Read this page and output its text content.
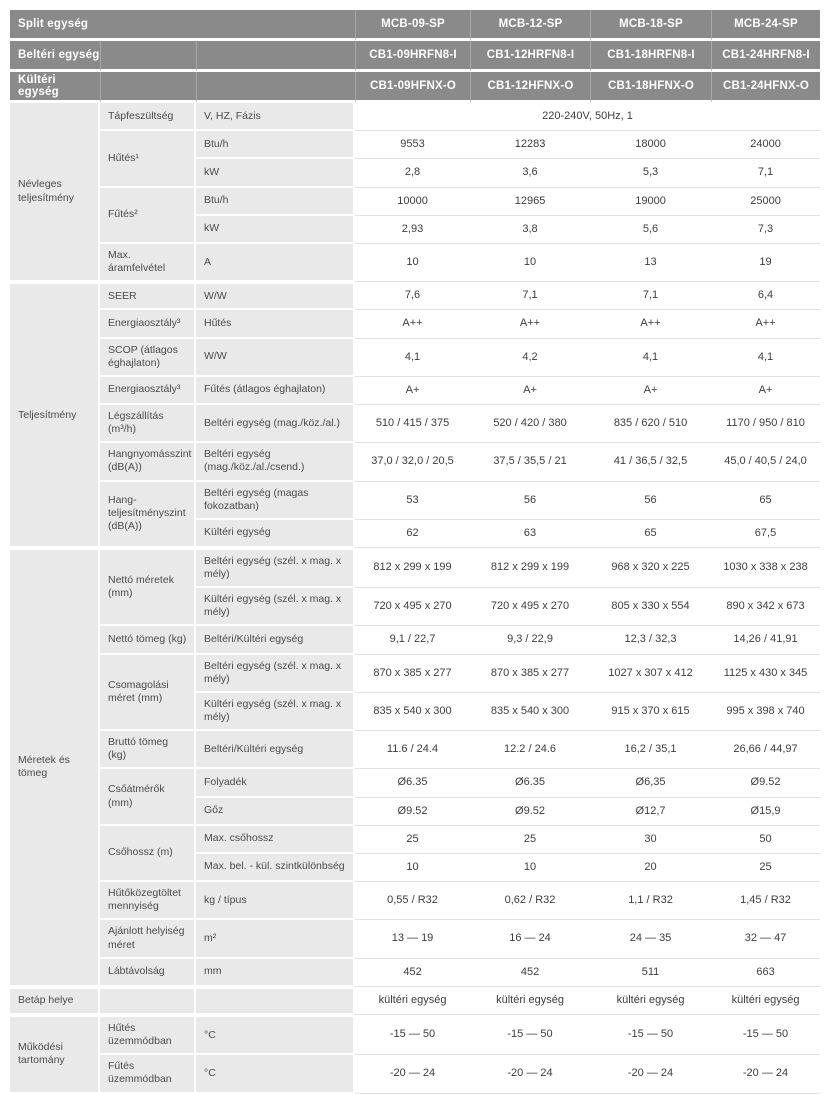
Split egység			MCB-09-SP	MCB-12-SP	MCB-18-SP	MCB-24-SP
Beltéri egység			CB1-09HRFN8-I	CB1-12HRFN8-I	CB1-18HRFN8-I	CB1-24HRFN8-I
Kültéri egység			CB1-09HFNX-O	CB1-12HFNX-O	CB1-18HFNX-O	CB1-24HFNX-O
Névleges teljesítmény	Tápfeszültség	V, HZ, Fázis	220-240V, 50Hz, 1			
	Hűtés¹	Btu/h	9553	12283	18000	24000
		kW	2,8	3,6	5,3	7,1
	Fűtés²	Btu/h	10000	12965	19000	25000
		kW	2,93	3,8	5,6	7,3
	Max. áramfelvétel	A	10	10	13	19
Teljesítmény	SEER	W/W	7,6	7,1	7,1	6,4
	Energiaosztály³	Hűtés	A++	A++	A++	A++
	SCOP (átlagos éghajlaton)	W/W	4,1	4,2	4,1	4,1
	Energiaosztály³	Fűtés (átlagos éghajlaton)	A+	A+	A+	A+
	Légszállítás (m³/h)	Beltéri egység (mag./köz./al.)	510 / 415 / 375	520 / 420 / 380	835 / 620 / 510	1170 / 950 / 810
	Hangnyomásszint (dB(A))	Beltéri egység (mag./köz./al./csend.)	37,0 / 32,0 / 20,5	37,5 / 35,5 / 21	41 / 36,5 / 32,5	45,0 / 40,5 / 24,0
	Hang-teljesítményszint (dB(A))	Beltéri egység (magas fokozatban)	53	56	56	65
		Kültéri egység	62	63	65	67,5
Méretek és tömeg	Nettó méretek (mm)	Beltéri egység (szél. x mag. x mély)	812 x 299 x 199	812 x 299 x 199	968 x 320 x 225	1030 x 338 x 238
		Kültéri egység (szél. x mag. x mély)	720 x 495 x 270	720 x 495 x 270	805 x 330 x 554	890 x 342 x 673
	Nettó tömeg (kg)	Beltéri/Kültéri egység	9,1 / 22,7	9,3 / 22,9	12,3 / 32,3	14,26 / 41,91
	Csomagolási méret (mm)	Beltéri egység (szél. x mag. x mély)	870 x 385 x 277	870 x 385 x 277	1027 x 307 x 412	1125 x 430 x 345
		Kültéri egység (szél. x mag. x mély)	835 x 540 x 300	835 x 540 x 300	915 x 370 x 615	995 x 398 x 740
	Bruttó tömeg (kg)	Beltéri/Kültéri egység	11.6 / 24.4	12.2 / 24.6	16,2 / 35,1	26,66 / 44,97
	Csőátmérők (mm)	Folyadék	Ø6.35	Ø6.35	Ø6,35	Ø9.52
		Gőz	Ø9.52	Ø9.52	Ø12,7	Ø15,9
	Csőhossz (m)	Max. csőhossz	25	25	30	50
		Max. bel. - kül. szintkülönbség	10	10	20	25
	Hűtőközegtöltet mennyiség	kg / típus	0,55 / R32	0,62 / R32	1,1 / R32	1,45 / R32
	Ajánlott helyiség méret	m²	13 — 19	16 — 24	24 — 35	32 — 47
	Lábtávolság	mm	452	452	511	663
Betáp helye			kültéri egység	kültéri egység	kültéri egység	kültéri egység
Működési tartomány	Hűtés üzemmódban	°C	-15 — 50	-15 — 50	-15 — 50	-15 — 50
	Fűtés üzemmódban	°C	-20 — 24	-20 — 24	-20 — 24	-20 — 24
